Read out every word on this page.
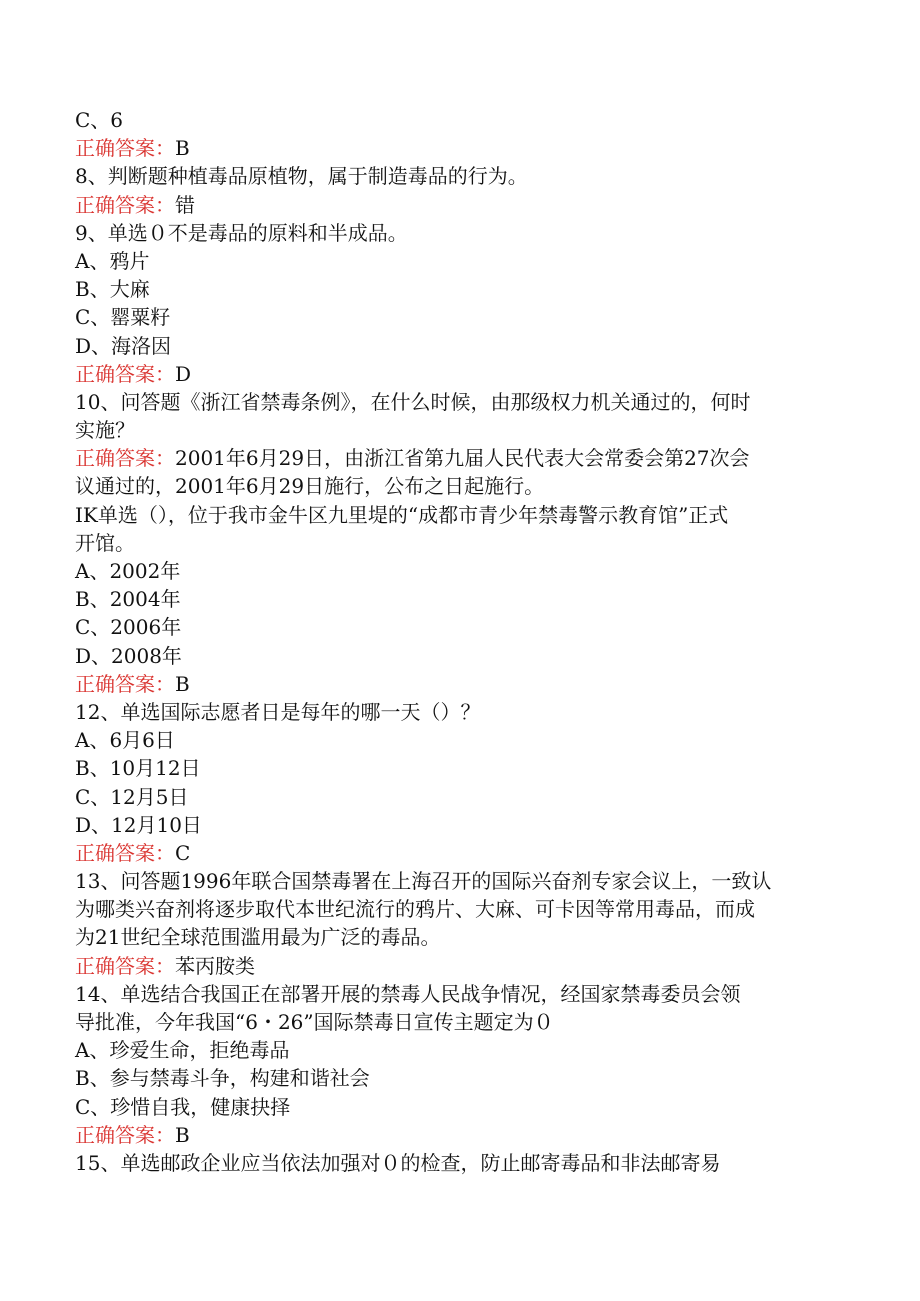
C、6
正确答案：B
8、判断题种植毒品原植物，属于制造毒品的行为。
正确答案：错
9、单选０不是毒品的原料和半成品。
A、鸦片
B、大麻
C、罂粟籽
D、海洛因
正确答案：D
10、问答题《浙江省禁毒条例》，在什么时候，由那级权力机关通过的，何时
实施？
正确答案：2001年6月29日，由浙江省第九届人民代表大会常委会第27次会
议通过的，2001年6月29日施行，公布之日起施行。
IK单选（），位于我市金牛区九里堤的“成都市青少年禁毒警示教育馆”正式
开馆。
A、2002年
B、2004年
C、2006年
D、2008年
正确答案：B
12、单选国际志愿者日是每年的哪一天（）？
A、6月6日
B、10月12日
C、12月5日
D、12月10日
正确答案：C
13、问答题1996年联合国禁毒署在上海召开的国际兴奋剂专家会议上，一致认
为哪类兴奋剂将逐步取代本世纪流行的鸦片、大麻、可卡因等常用毒品，而成
为21世纪全球范围滥用最为广泛的毒品。
正确答案：苯丙胺类
14、单选结合我国正在部署开展的禁毒人民战争情况，经国家禁毒委员会领
导批准，今年我国“6・26”国际禁毒日宣传主题定为０
A、珍爱生命，拒绝毒品
B、参与禁毒斗争，构建和谐社会
C、珍惜自我，健康抉择
正确答案：B
15、单选邮政企业应当依法加强对０的检查，防止邮寄毒品和非法邮寄易
